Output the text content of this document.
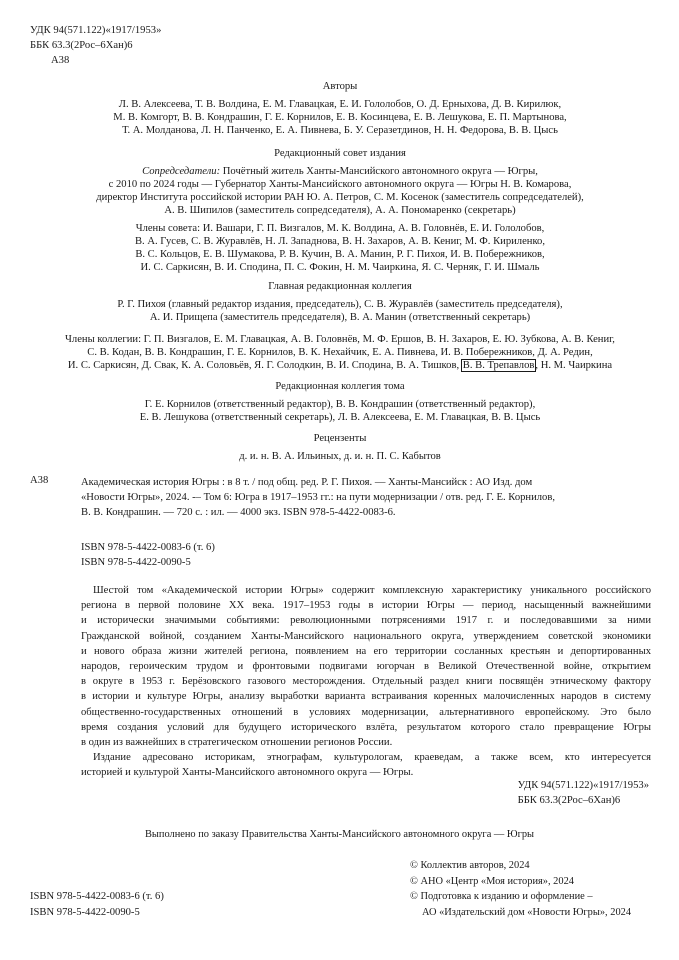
УДК 94(571.122)«1917/1953»
ББК 63.3(2Рос–6Хан)6
А38
Авторы
Л. В. Алексеева, Т. В. Волдина, Е. М. Главацкая, Е. И. Гололобов, О. Д. Ерныхова, Д. В. Кирилюк,
М. В. Комгорт, В. В. Кондрашин, Г. Е. Корнилов, Е. В. Косинцева, Е. В. Лешукова, Е. П. Мартынова,
Т. А. Молданова, Л. Н. Панченко, Е. А. Пивнева, Б. У. Серазетдинов, Н. Н. Федорова, В. В. Цысь
Редакционный совет издания
Сопредседатели: Почётный житель Ханты-Мансийского автономного округа — Югры,
с 2010 по 2024 годы — Губернатор Ханты-Мансийского автономного округа — Югры Н. В. Комарова,
директор Института российской истории РАН Ю. А. Петров, С. М. Косенок (заместитель сопредседателей),
А. В. Шипилов (заместитель сопредседателя), А. А. Пономаренко (секретарь)
Члены совета: И. Вашари, Г. П. Визгалов, М. К. Волдина, А. В. Головнёв, Е. И. Гололобов,
В. А. Гусев, С. В. Журавлёв, Н. Л. Западнова, В. Н. Захаров, А. В. Кениг, М. Ф. Кириленко,
В. С. Кольцов, Е. В. Шумакова, Р. В. Кучин, В. А. Манин, Р. Г. Пихоя, И. В. Побережников,
И. С. Саркисян, В. И. Сподина, П. С. Фокин, Н. М. Чаиркина, Я. С. Черняк, Г. И. Шмаль
Главная редакционная коллегия
Р. Г. Пихоя (главный редактор издания, председатель), С. В. Журавлёв (заместитель председателя),
А. И. Прищепа (заместитель председателя), В. А. Манин (ответственный секретарь)
Члены коллегии: Г. П. Визгалов, Е. М. Главацкая, А. В. Головнёв, М. Ф. Ершов, В. Н. Захаров, Е. Ю. Зубкова, А. В. Кениг,
С. В. Кодан, В. В. Кондрашин, Г. Е. Корнилов, В. К. Нехайчик, Е. А. Пивнева, И. В. Побережников, Д. А. Редин,
И. С. Саркисян, Д. Свак, К. А. Соловьёв, Я. Г. Солодкин, В. И. Сподина, В. А. Тишков, В. В. Трепавлов, Н. М. Чаиркина
Редакционная коллегия тома
Г. Е. Корнилов (ответственный редактор), В. В. Кондрашин (ответственный редактор),
Е. В. Лешукова (ответственный секретарь), Л. В. Алексеева, Е. М. Главацкая, В. В. Цысь
Рецензенты
д. и. н. В. А. Ильиных, д. и. н. П. С. Кабытов
А38	Академическая история Югры : в 8 т. / под общ. ред. Р. Г. Пихоя. — Ханты-Мансийск : АО Изд. дом
«Новости Югры», 2024. -– Том 6: Югра в 1917–1953 гг.: на пути модернизации / отв. ред. Г. Е. Корнилов,
В. В. Кондрашин. — 720 с. : ил. — 4000 экз. ISBN 978-5-4422-0083-6.
ISBN 978-5-4422-0083-6 (т. 6)
ISBN 978-5-4422-0090-5
Шестой том «Академической истории Югры» содержит комплексную характеристику уникального российского
региона в первой половине XX века. 1917–1953 годы в истории Югры — период, насыщенный важнейшими
и исторически значимыми событиями: революционными потрясениями 1917 г. и последовавшими за ними
Гражданской войной, созданием Ханты-Мансийского национального округа, утверждением советской экономики
и нового образа жизни жителей региона, появлением на его территории сосланных крестьян и депортированных
народов, героическим трудом и фронтовыми подвигами югорчан в Великой Отечественной войне, открытием
в округе в 1953 г. Берёзовского газового месторождения. Отдельный раздел книги посвящён этническому фактору
в истории и культуре Югры, анализу выработки варианта встраивания коренных малочисленных народов в систему
общественно-государственных отношений в условиях модернизации, альтернативного европейскому. Это было
время создания условий для будущего исторического взлёта, результатом которого стало превращение Югры
в один из важнейших в стратегическом отношении регионов России.
Издание адресовано историкам, этнографам, культурологам, краеведам, а также всем, кто интересуется
историей и культурой Ханты-Мансийского автономного округа — Югры.
УДК 94(571.122)«1917/1953»
ББК 63.3(2Рос–6Хан)6
Выполнено по заказу Правительства Ханты-Мансийского автономного округа — Югры
© Коллектив авторов, 2024
© АНО «Центр «Моя история», 2024
© Подготовка к изданию и оформление –
АО «Издательский дом «Новости Югры», 2024
ISBN 978-5-4422-0083-6 (т. 6)
ISBN 978-5-4422-0090-5
